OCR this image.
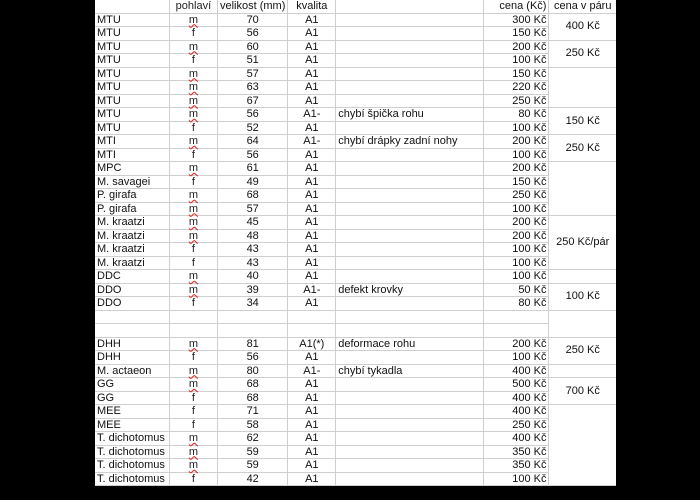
	pohlaví	velikost (mm)	kvalita		cena (Kč)	cena v páru
MTU	m	70	A1		300 Kč	400 Kč
MTU	f	56	A1		150 Kč	
MTU	m	60	A1		200 Kč	250 Kč
MTU	f	51	A1		100 Kč	
MTU	m	57	A1		150 Kč	
MTU	m	63	A1		220 Kč	
MTU	m	67	A1		250 Kč	
MTU	m	56	A1-	chybí špička rohu	80 Kč	150 Kč
MTU	f	52	A1		100 Kč	
MTI	m	64	A1-	chybí drápky zadní nohy	200 Kč	250 Kč
MTI	f	56	A1		100 Kč	
MPC	m	61	A1		200 Kč	
M. savagei	f	49	A1		150 Kč	
P. girafa	m	68	A1		250 Kč	
P. girafa	m	57	A1		100 Kč	
M. kraatzi	m	45	A1		200 Kč	250 Kč/pár
M. kraatzi	m	48	A1		200 Kč	
M. kraatzi	f	43	A1		100 Kč	
M. kraatzi	f	43	A1		100 Kč	
DDC	m	40	A1		100 Kč	
DDO	m	39	A1-	defekt krovky	50 Kč	100 Kč
DDO	f	34	A1		80 Kč	

DHH	m	81	A1(*)	deformace rohu	200 Kč	250 Kč
DHH	f	56	A1		100 Kč	
M. actaeon	m	80	A1-	chybí tykadla	400 Kč	
GG	m	68	A1		500 Kč	700 Kč
GG	f	68	A1		400 Kč	
MEE	f	71	A1		400 Kč	
MEE	f	58	A1		250 Kč	
T. dichotomus	m	62	A1		400 Kč	
T. dichotomus	m	59	A1		350 Kč	
T. dichotomus	m	59	A1		350 Kč	
T. dichotomus	f	42	A1		100 Kč	
